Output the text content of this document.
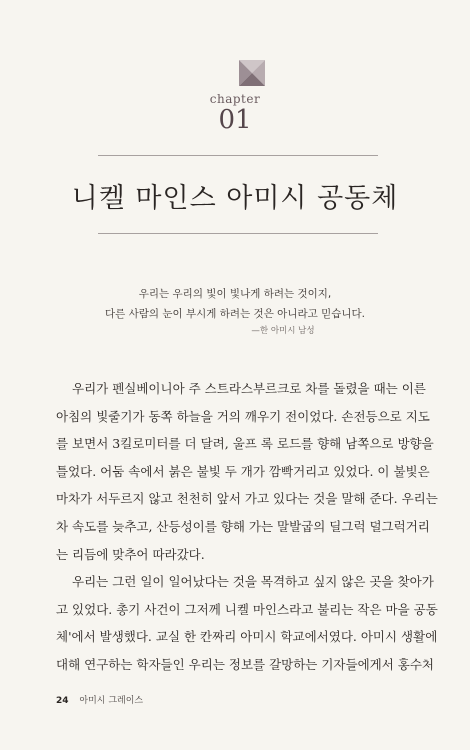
chapter
01
니켈 마인스 아미시 공동체
우리는 우리의 빛이 빛나게 하려는 것이지,
다른 사람의 눈이 부시게 하려는 것은 아니라고 믿습니다.
—한 아미시 남성
우리가 펜실베이니아 주 스트라스부르크로 차를 돌렸을 때는 이른
아침의 빛줄기가 동쪽 하늘을 거의 깨우기 전이었다. 손전등으로 지도
를 보면서 3킬로미터를 더 달려, 울프 록 로드를 향해 남쪽으로 방향을
틀었다. 어둠 속에서 붉은 불빛 두 개가 깜빡거리고 있었다. 이 불빛은
마차가 서두르지 않고 천천히 앞서 가고 있다는 것을 말해 준다. 우리는
차 속도를 늦추고, 산등성이를 향해 가는 말발굽의 딜그럭 덜그럭거리
는 리듬에 맞추어 따라갔다.
우리는 그런 일이 일어났다는 것을 목격하고 싶지 않은 곳을 찾아가
고 있었다. 총기 사건이 그저께 니켈 마인스라고 불리는 작은 마을 공동
체'에서 발생했다. 교실 한 칸짜리 아미시 학교에서였다. 아미시 생활에
대해 연구하는 학자들인 우리는 정보를 갈망하는 기자들에게서 홍수처
24 아미시 그레이스
